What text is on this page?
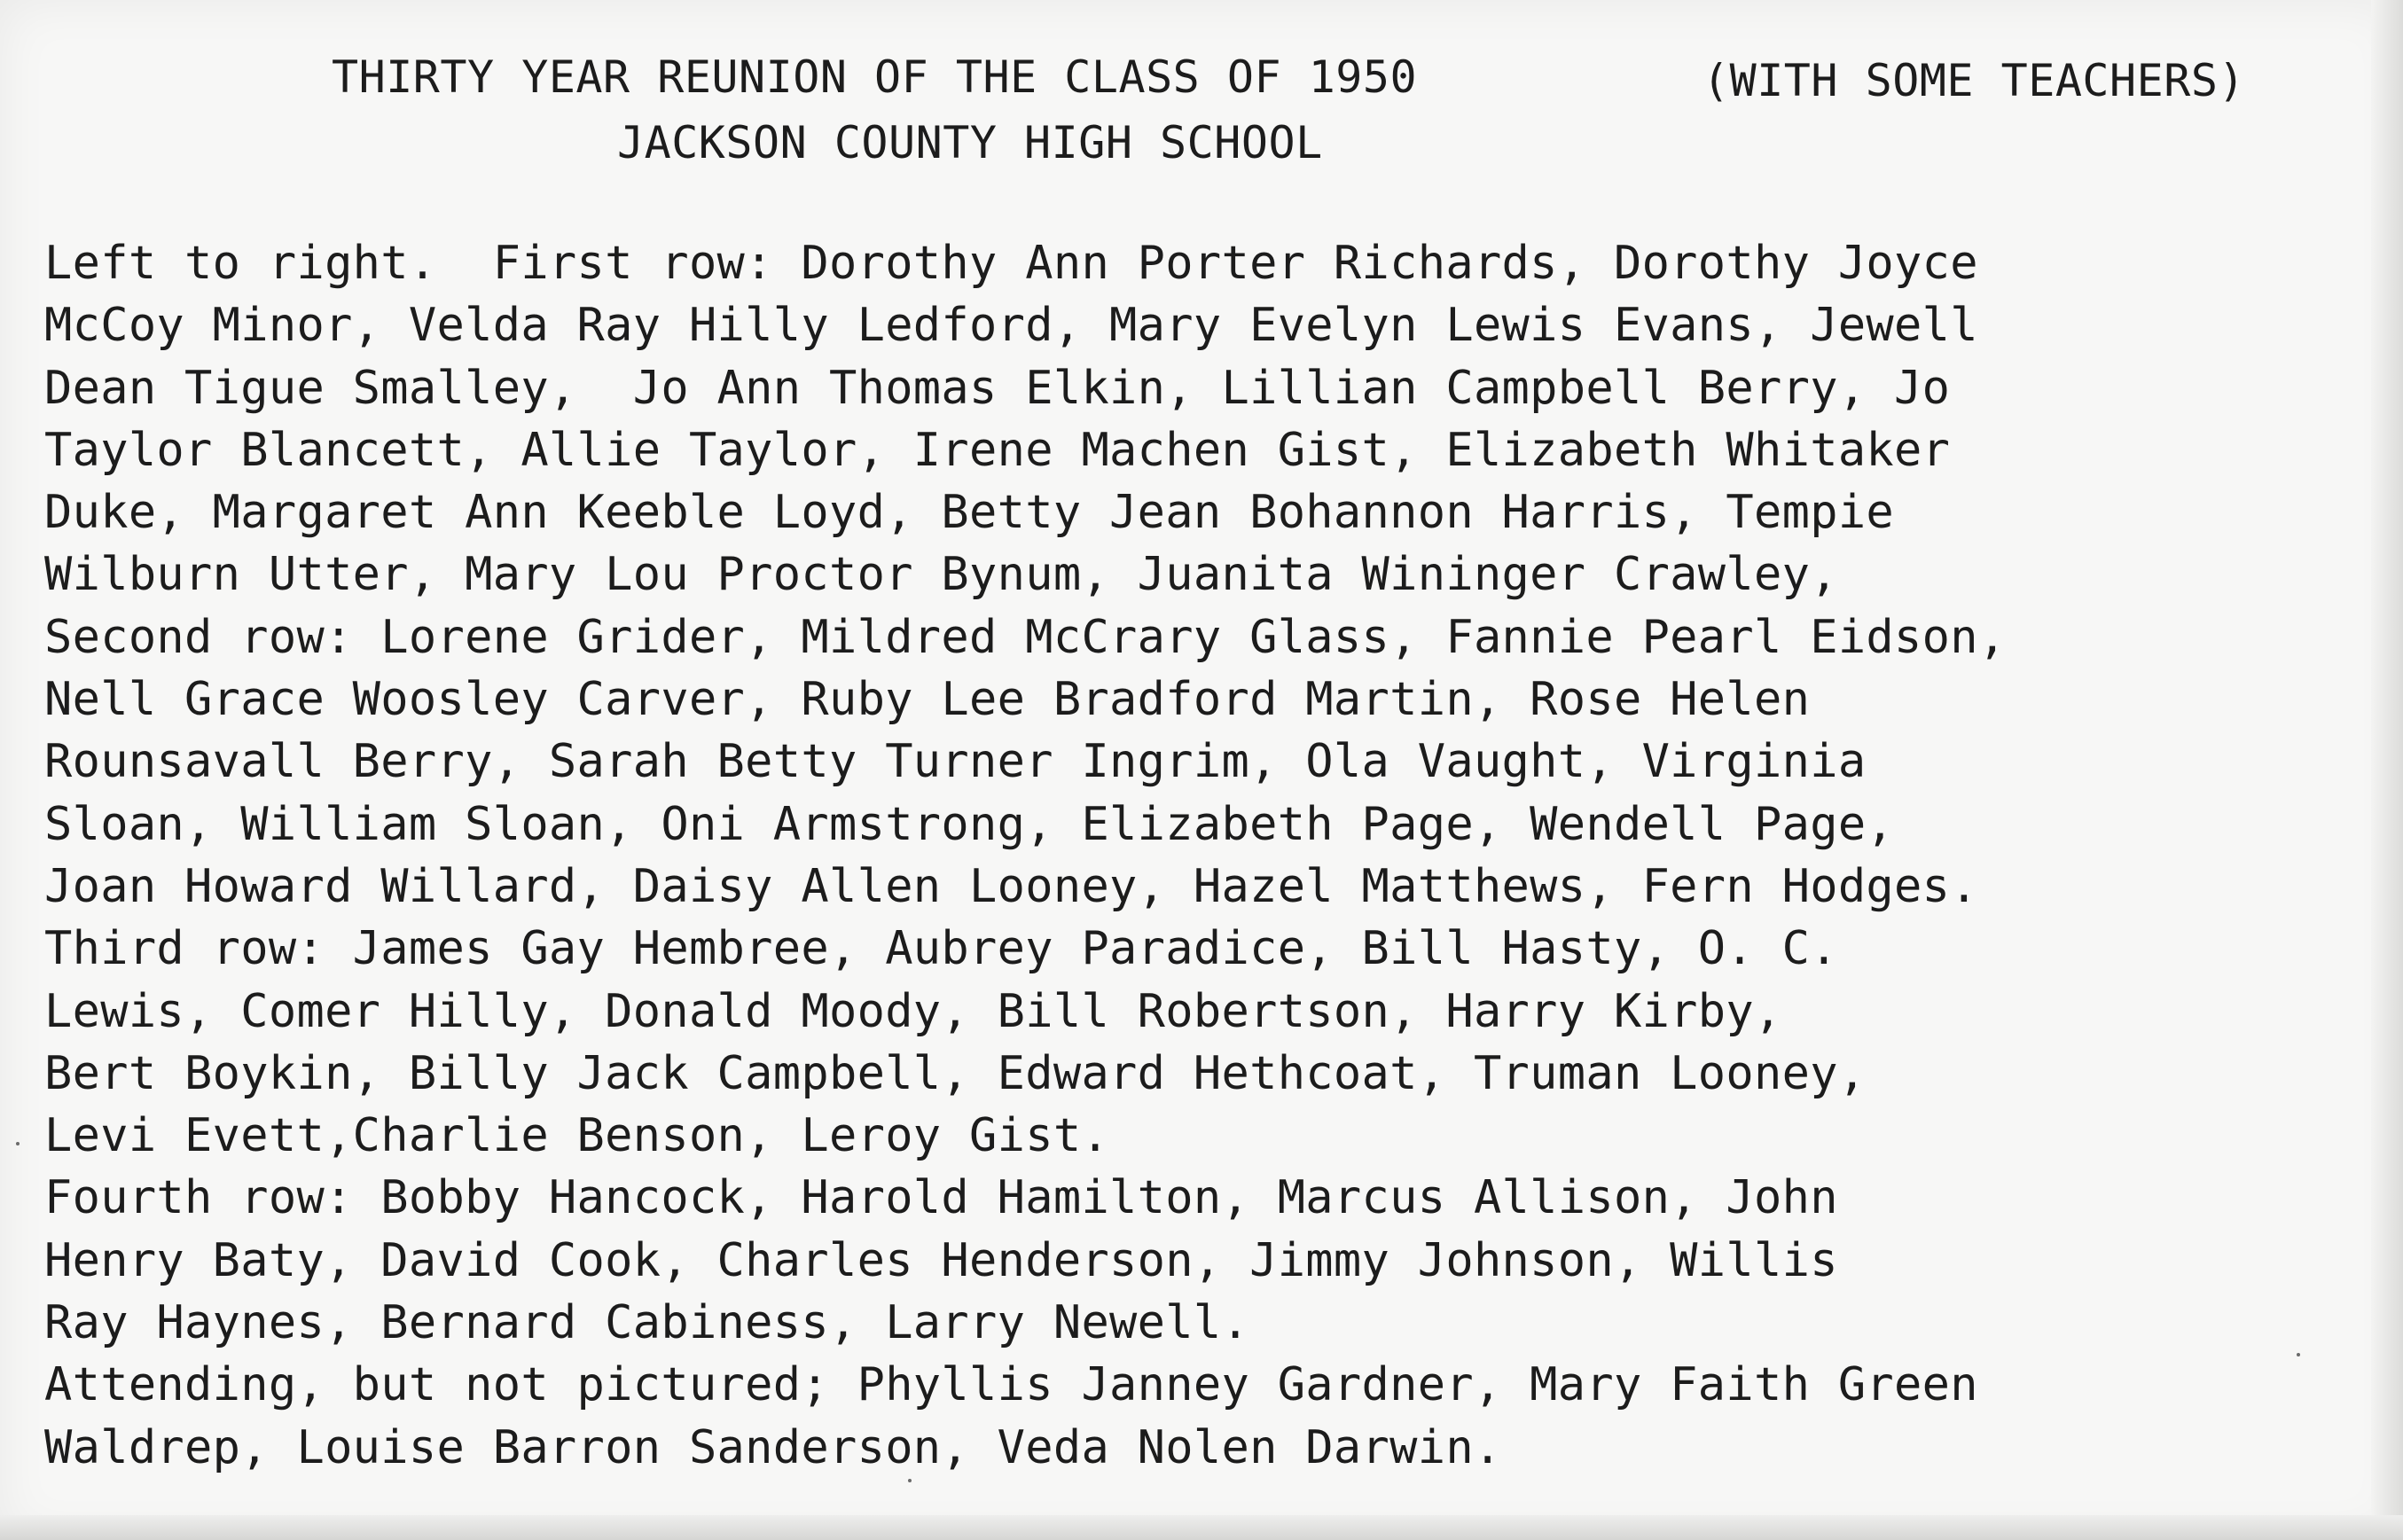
THIRTY YEAR REUNION OF THE CLASS OF 1950	(WITH SOME TEACHERS)
JACKSON COUNTY HIGH SCHOOL
Left to right.  First row: Dorothy Ann Porter Richards, Dorothy Joyce
McCoy Minor, Velda Ray Hilly Ledford, Mary Evelyn Lewis Evans, Jewell
Dean Tigue Smalley,  Jo Ann Thomas Elkin, Lillian Campbell Berry, Jo
Taylor Blancett, Allie Taylor, Irene Machen Gist, Elizabeth Whitaker
Duke, Margaret Ann Keeble Loyd, Betty Jean Bohannon Harris, Tempie
Wilburn Utter, Mary Lou Proctor Bynum, Juanita Wininger Crawley,
Second row: Lorene Grider, Mildred McCrary Glass, Fannie Pearl Eidson,
Nell Grace Woosley Carver, Ruby Lee Bradford Martin, Rose Helen
Rounsavall Berry, Sarah Betty Turner Ingrim, Ola Vaught, Virginia
Sloan, William Sloan, Oni Armstrong, Elizabeth Page, Wendell Page,
Joan Howard Willard, Daisy Allen Looney, Hazel Matthews, Fern Hodges.
Third row: James Gay Hembree, Aubrey Paradice, Bill Hasty, O. C.
Lewis, Comer Hilly, Donald Moody, Bill Robertson, Harry Kirby,
Bert Boykin, Billy Jack Campbell, Edward Hethcoat, Truman Looney,
Levi Evett,Charlie Benson, Leroy Gist.
Fourth row: Bobby Hancock, Harold Hamilton, Marcus Allison, John
Henry Baty, David Cook, Charles Henderson, Jimmy Johnson, Willis
Ray Haynes, Bernard Cabiness, Larry Newell.
Attending, but not pictured; Phyllis Janney Gardner, Mary Faith Green
Waldrep, Louise Barron Sanderson, Veda Nolen Darwin.
